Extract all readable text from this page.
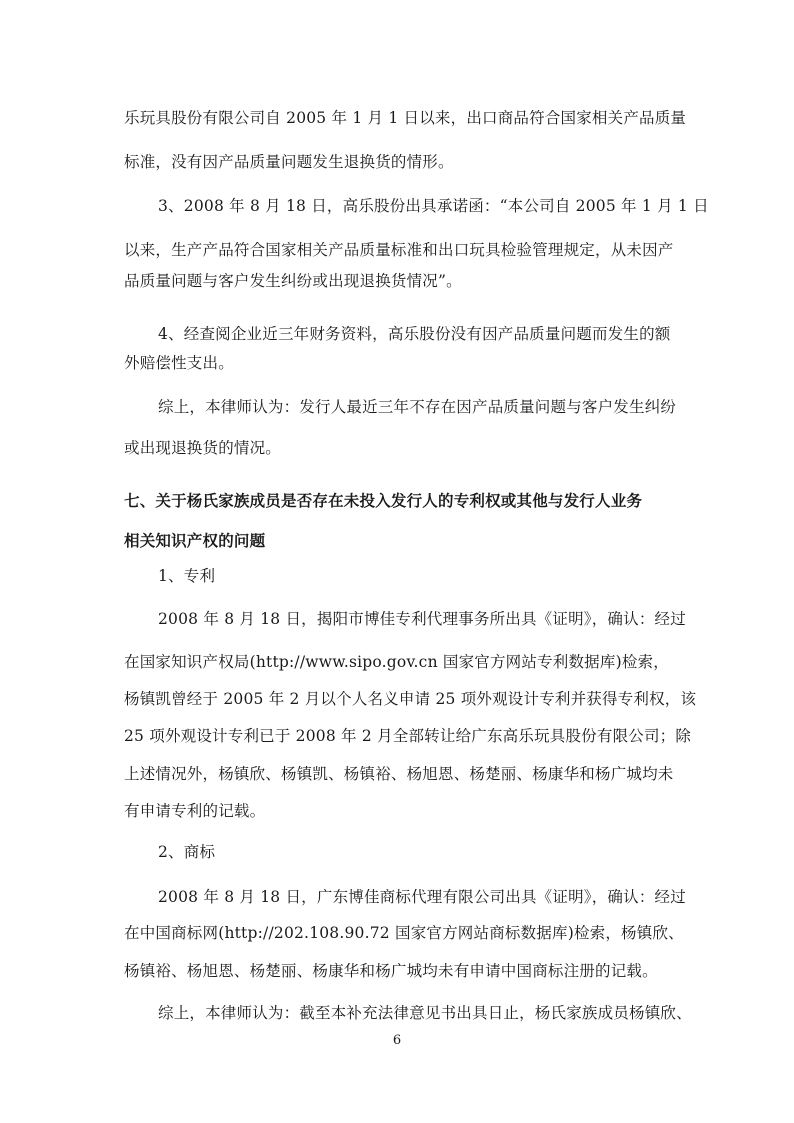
乐玩具股份有限公司自 2005 年 1 月 1 日以来，出口商品符合国家相关产品质量
标准，没有因产品质量问题发生退换货的情形。
3、2008 年 8 月 18 日，高乐股份出具承诺函：“本公司自 2005 年 1 月 1 日
以来，生产产品符合国家相关产品质量标准和出口玩具检验管理规定，从未因产
品质量问题与客户发生纠纷或出现退换货情况”。
4、经查阅企业近三年财务资料，高乐股份没有因产品质量问题而发生的额
外赔偿性支出。
综上，本律师认为：发行人最近三年不存在因产品质量问题与客户发生纠纷
或出现退换货的情况。
七、关于杨氏家族成员是否存在未投入发行人的专利权或其他与发行人业务
相关知识产权的问题
1、专利
2008 年 8 月 18 日，揭阳市博佳专利代理事务所出具《证明》，确认：经过
在国家知识产权局(http://www.sipo.gov.cn 国家官方网站专利数据库)检索，
杨镇凯曾经于 2005 年 2 月以个人名义申请 25 项外观设计专利并获得专利权，该
25 项外观设计专利已于 2008 年 2 月全部转让给广东高乐玩具股份有限公司；除
上述情况外，杨镇欣、杨镇凯、杨镇裕、杨旭恩、杨楚丽、杨康华和杨广城均未
有申请专利的记载。
2、商标
2008 年 8 月 18 日，广东博佳商标代理有限公司出具《证明》，确认：经过
在中国商标网(http://202.108.90.72 国家官方网站商标数据库)检索，杨镇欣、
杨镇裕、杨旭恩、杨楚丽、杨康华和杨广城均未有申请中国商标注册的记载。
综上，本律师认为：截至本补充法律意见书出具日止，杨氏家族成员杨镇欣、
6
